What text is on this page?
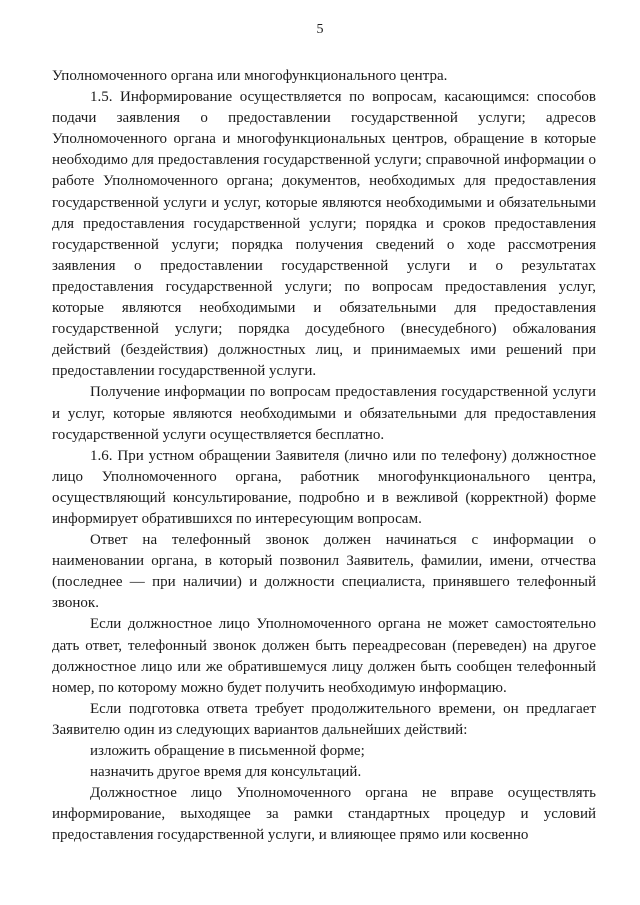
5

Уполномоченного органа или многофункционального центра.

1.5. Информирование осуществляется по вопросам, касающимся: способов подачи заявления о предоставлении государственной услуги; адресов Уполномоченного органа и многофункциональных центров, обращение в которые необходимо для предоставления государственной услуги; справочной информации о работе Уполномоченного органа; документов, необходимых для предоставления государственной услуги и услуг, которые являются необходимыми и обязательными для предоставления государственной услуги; порядка и сроков предоставления государственной услуги; порядка получения сведений о ходе рассмотрения заявления о предоставлении государственной услуги и о результатах предоставления государственной услуги; по вопросам предоставления услуг, которые являются необходимыми и обязательными для предоставления государственной услуги; порядка досудебного (внесудебного) обжалования действий (бездействия) должностных лиц, и принимаемых ими решений при предоставлении государственной услуги.

Получение информации по вопросам предоставления государственной услуги и услуг, которые являются необходимыми и обязательными для предоставления государственной услуги осуществляется бесплатно.

1.6. При устном обращении Заявителя (лично или по телефону) должностное лицо Уполномоченного органа, работник многофункционального центра, осуществляющий консультирование, подробно и в вежливой (корректной) форме информирует обратившихся по интересующим вопросам.

Ответ на телефонный звонок должен начинаться с информации о наименовании органа, в который позвонил Заявитель, фамилии, имени, отчества (последнее — при наличии) и должности специалиста, принявшего телефонный звонок.

Если должностное лицо Уполномоченного органа не может самостоятельно дать ответ, телефонный звонок должен быть переадресован (переведен) на другое должностное лицо или же обратившемуся лицу должен быть сообщен телефонный номер, по которому можно будет получить необходимую информацию.

Если подготовка ответа требует продолжительного времени, он предлагает Заявителю один из следующих вариантов дальнейших действий:

изложить обращение в письменной форме;

назначить другое время для консультаций.

Должностное лицо Уполномоченного органа не вправе осуществлять информирование, выходящее за рамки стандартных процедур и условий предоставления государственной услуги, и влияющее прямо или косвенно
